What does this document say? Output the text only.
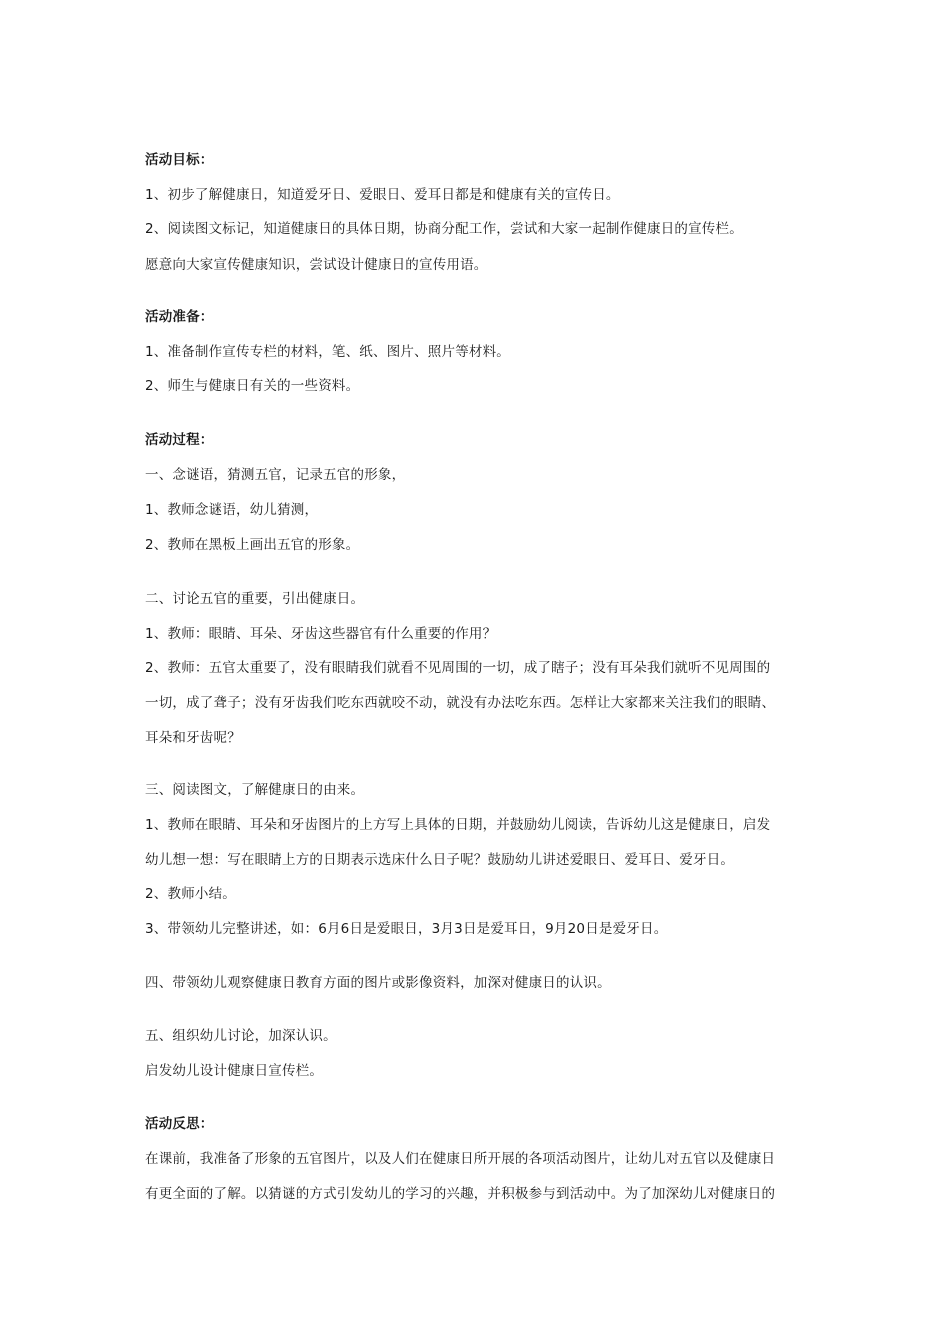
活动目标：
1、初步了解健康日，知道爱牙日、爱眼日、爱耳日都是和健康有关的宣传日。
2、阅读图文标记，知道健康日的具体日期，协商分配工作，尝试和大家一起制作健康日的宣传栏。
愿意向大家宣传健康知识，尝试设计健康日的宣传用语。
活动准备：
1、准备制作宣传专栏的材料，笔、纸、图片、照片等材料。
2、师生与健康日有关的一些资料。
活动过程：
一、念谜语，猜测五官，记录五官的形象，
1、教师念谜语，幼儿猜测，
2、教师在黑板上画出五官的形象。
二、讨论五官的重要，引出健康日。
1、教师：眼睛、耳朵、牙齿这些器官有什么重要的作用？
2、教师：五官太重要了，没有眼睛我们就看不见周围的一切，成了瞎子；没有耳朵我们就听不见周围的
一切，成了聋子；没有牙齿我们吃东西就咬不动，就没有办法吃东西。怎样让大家都来关注我们的眼睛、
耳朵和牙齿呢？
三、阅读图文，了解健康日的由来。
1、教师在眼睛、耳朵和牙齿图片的上方写上具体的日期，并鼓励幼儿阅读，告诉幼儿这是健康日，启发
幼儿想一想：写在眼睛上方的日期表示选床什么日子呢？鼓励幼儿讲述爱眼日、爱耳日、爱牙日。
2、教师小结。
3、带领幼儿完整讲述，如：6月6日是爱眼日，3月3日是爱耳日，9月20日是爱牙日。
四、带领幼儿观察健康日教育方面的图片或影像资料，加深对健康日的认识。
五、组织幼儿讨论，加深认识。
启发幼儿设计健康日宣传栏。
活动反思：
在课前，我准备了形象的五官图片，以及人们在健康日所开展的各项活动图片，让幼儿对五官以及健康日
有更全面的了解。以猜谜的方式引发幼儿的学习的兴趣，并积极参与到活动中。为了加深幼儿对健康日的
